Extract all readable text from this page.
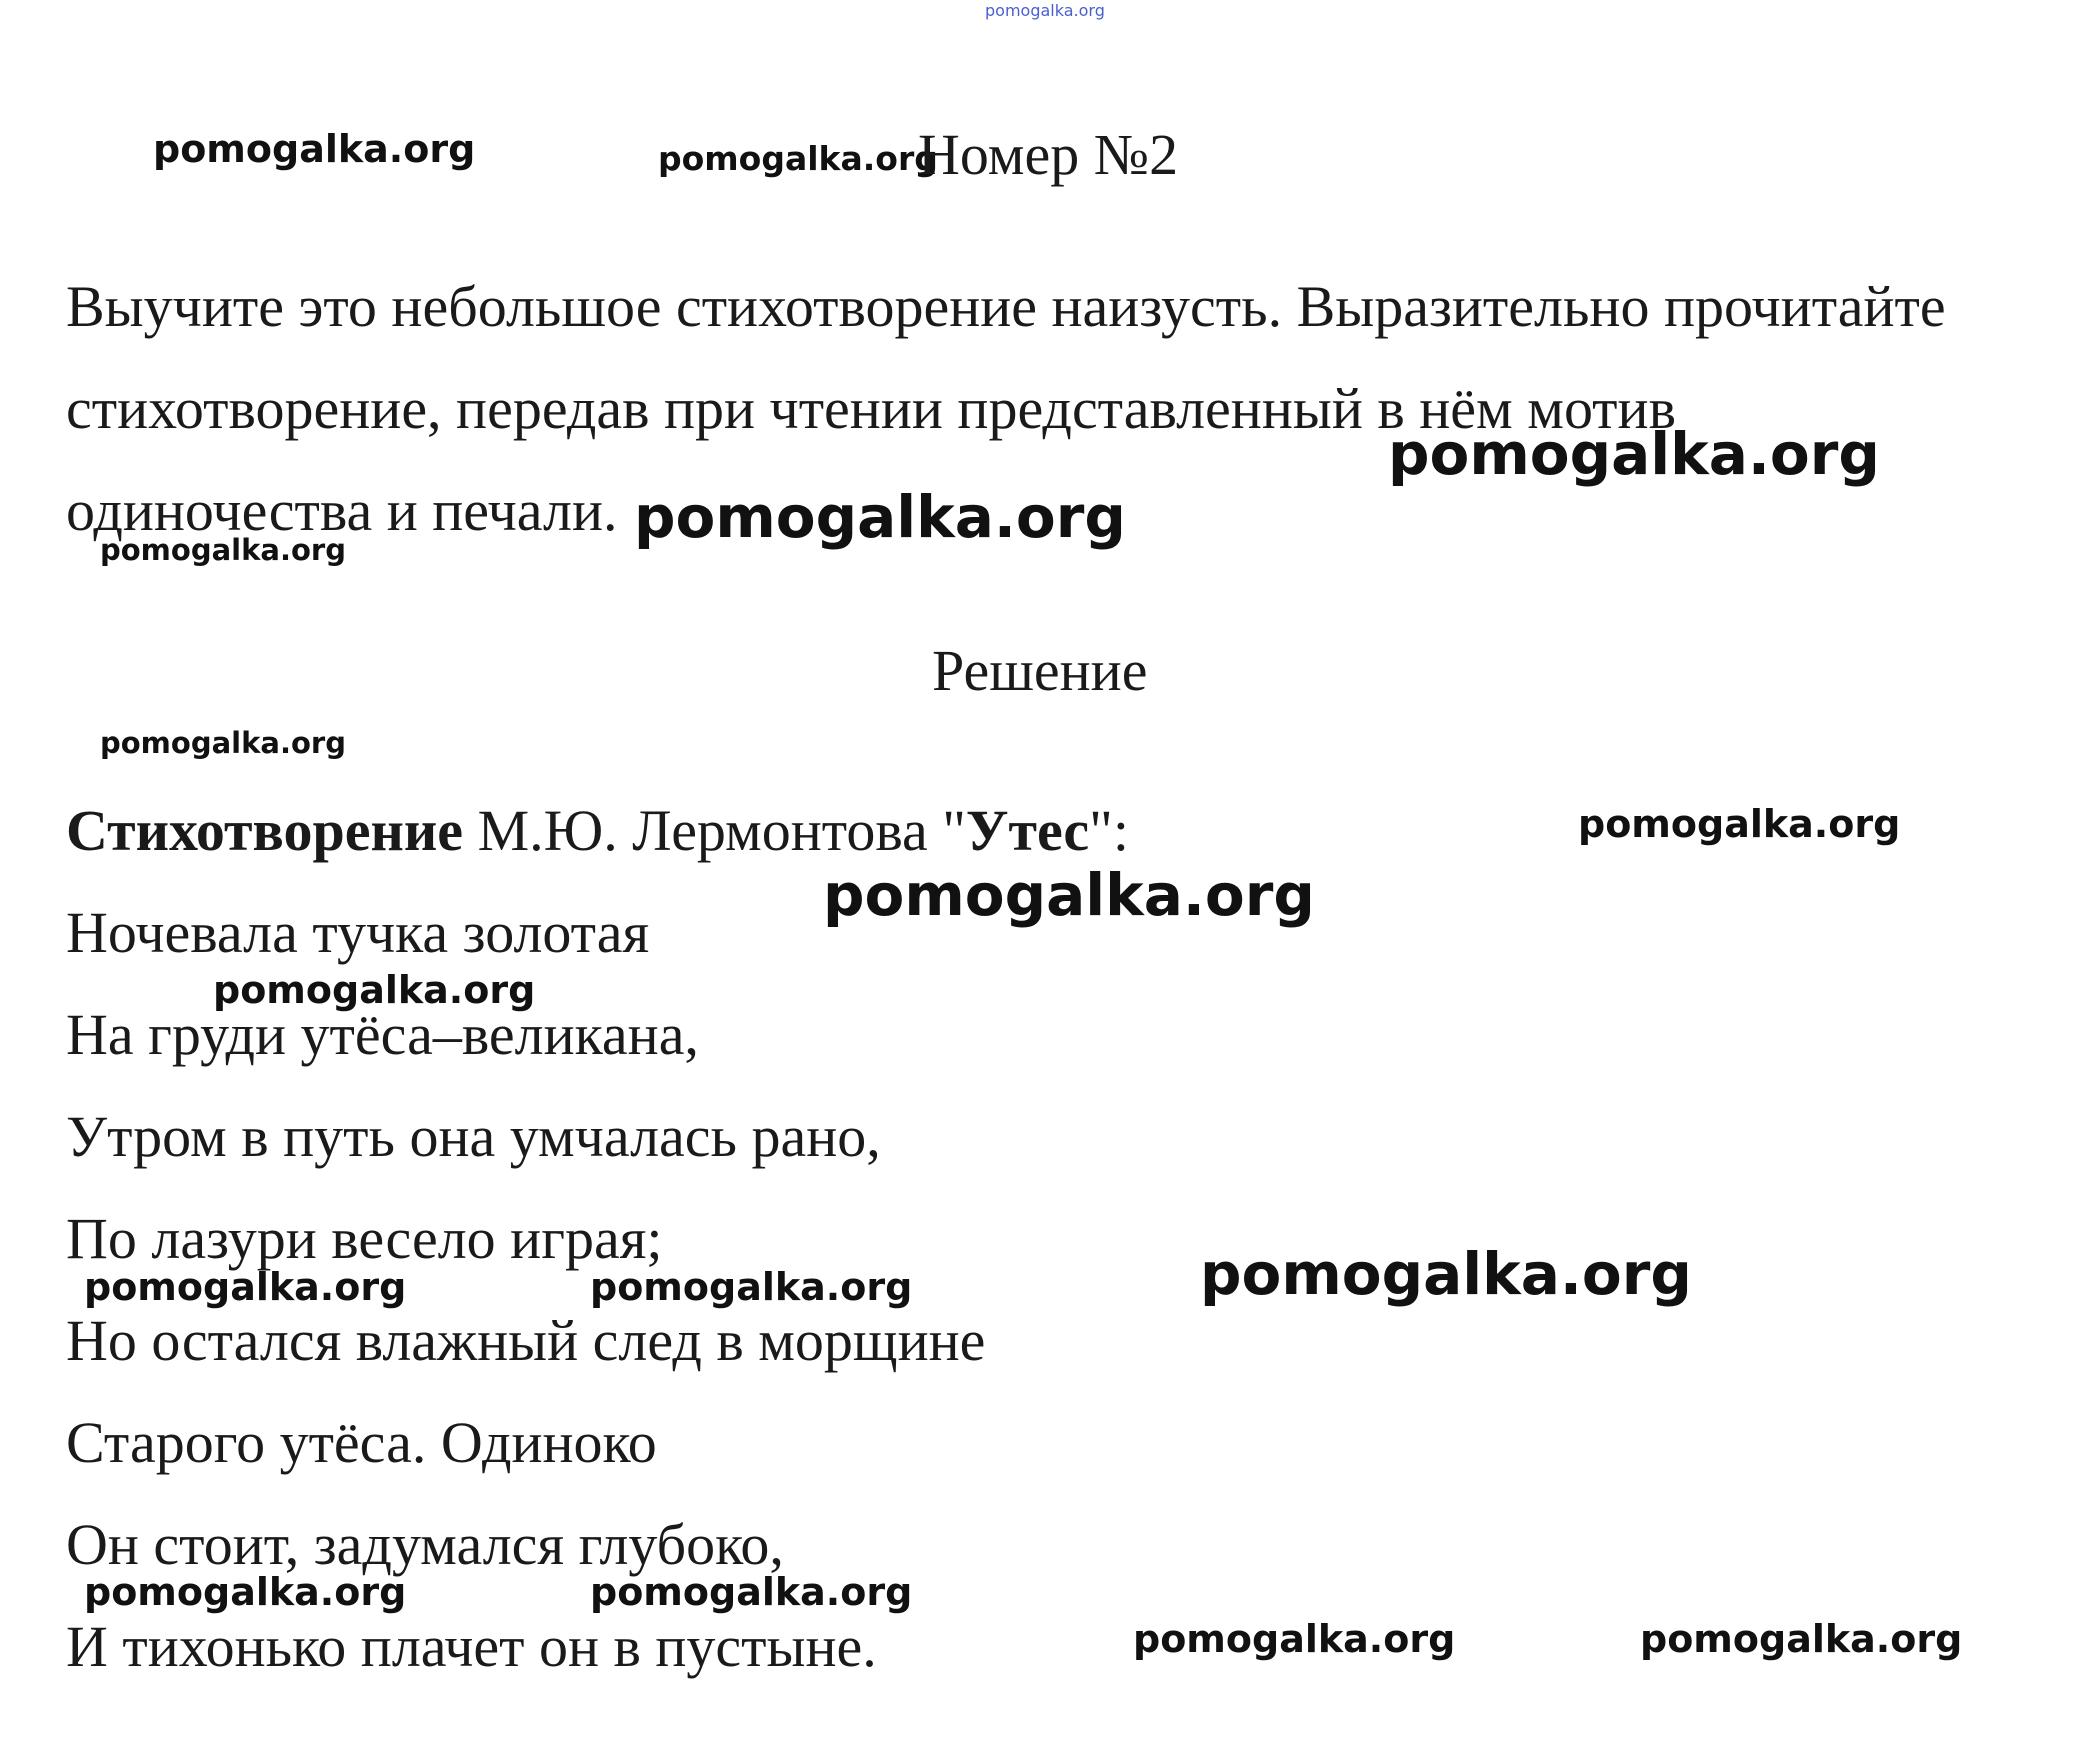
pomogalka.org
pomogalka.org	pomogalka.org
Номер №2
Выучите это небольшое стихотворение наизусть. Выразительно прочитайте
стихотворение, передав при чтении представленный в нём мотив
одиночества и печали.
pomogalka.org
pomogalka.org
pomogalka.org
Решение
pomogalka.org
Стихотворение М.Ю. Лермонтова "Утес":	pomogalka.org
pomogalka.org
Ночевала тучка золотая
pomogalka.org
На груди утёса–великана,
Утром в путь она умчалась рано,
По лазури весело играя;
pomogalka.org
pomogalka.org	pomogalka.org
Но остался влажный след в морщине
Старого утёса. Одиноко
Он стоит, задумался глубоко,
pomogalka.org	pomogalka.org
И тихонько плачет он в пустыне.	pomogalka.org	pomogalka.org
